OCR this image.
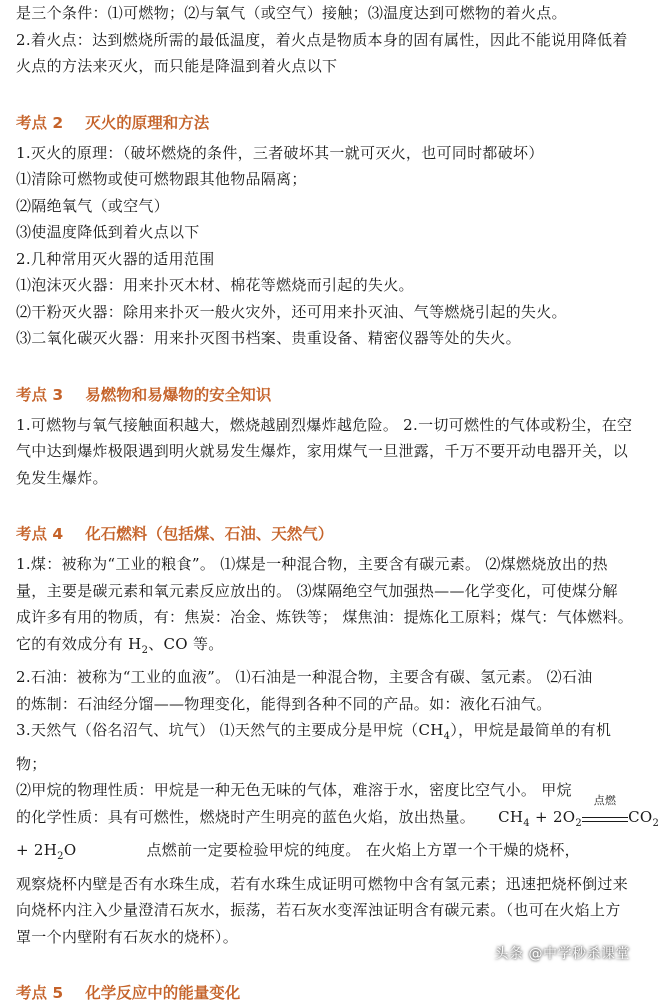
是三个条件：⑴可燃物；⑵与氧气（或空气）接触；⑶温度达到可燃物的着火点。
2.着火点：达到燃烧所需的最低温度，着火点是物质本身的固有属性，因此不能说用降低着
火点的方法来灭火，而只能是降温到着火点以下
考点 2 灭火的原理和方法
1.灭火的原理：（破坏燃烧的条件，三者破坏其一就可灭火，也可同时都破坏）
⑴清除可燃物或使可燃物跟其他物品隔离；
⑵隔绝氧气（或空气）
⑶使温度降低到着火点以下
2.几种常用灭火器的适用范围
⑴泡沫灭火器：用来扑灭木材、棉花等燃烧而引起的失火。
⑵干粉灭火器：除用来扑灭一般火灾外，还可用来扑灭油、气等燃烧引起的失火。
⑶二氧化碳灭火器：用来扑灭图书档案、贵重设备、精密仪器等处的失火。
考点 3 易燃物和易爆物的安全知识
1.可燃物与氧气接触面积越大，燃烧越剧烈爆炸越危险。 2.一切可燃性的气体或粉尘，在空
气中达到爆炸极限遇到明火就易发生爆炸，家用煤气一旦泄露，千万不要开动电器开关，以
免发生爆炸。
考点 4 化石燃料（包括煤、石油、天然气）
1.煤：被称为“工业的粮食”。 ⑴煤是一种混合物，主要含有碳元素。 ⑵煤燃烧放出的热
量，主要是碳元素和氧元素反应放出的。 ⑶煤隔绝空气加强热——化学变化，可使煤分解
成许多有用的物质，有：焦炭：冶金、炼铁等； 煤焦油：提炼化工原料；煤气：气体燃料。
它的有效成分有 $H_2$、CO 等。
2.石油：被称为“工业的血液”。 ⑴石油是一种混合物，主要含有碳、氢元素。 ⑵石油
的炼制：石油经分馏——物理变化，能得到各种不同的产品。如：液化石油气。
3.天然气（俗名沼气、坑气） ⑴天然气的主要成分是甲烷$(CH_4)$，甲烷是最简单的有机
物；
⑵甲烷的物理性质：甲烷是一种无色无味的气体，难溶于水，密度比空气小。 甲烷
的化学性质：具有可燃性，燃烧时产生明亮的蓝色火焰，放出热量。 $CH_4 + 2O_2$
点燃
$CO_2$
+ $2H_2O$	点燃前一定要检验甲烷的纯度。 在火焰上方罩一个干燥的烧杯，
观察烧杯内壁是否有水珠生成，若有水珠生成证明可燃物中含有氢元素；迅速把烧杯倒过来
向烧杯内注入少量澄清石灰水，振荡，若石灰水变浑浊证明含有碳元素。（也可在火焰上方
罩一个内壁附有石灰水的烧杯）。
考点 5 化学反应中的能量变化
头条 @中学秒杀课堂
